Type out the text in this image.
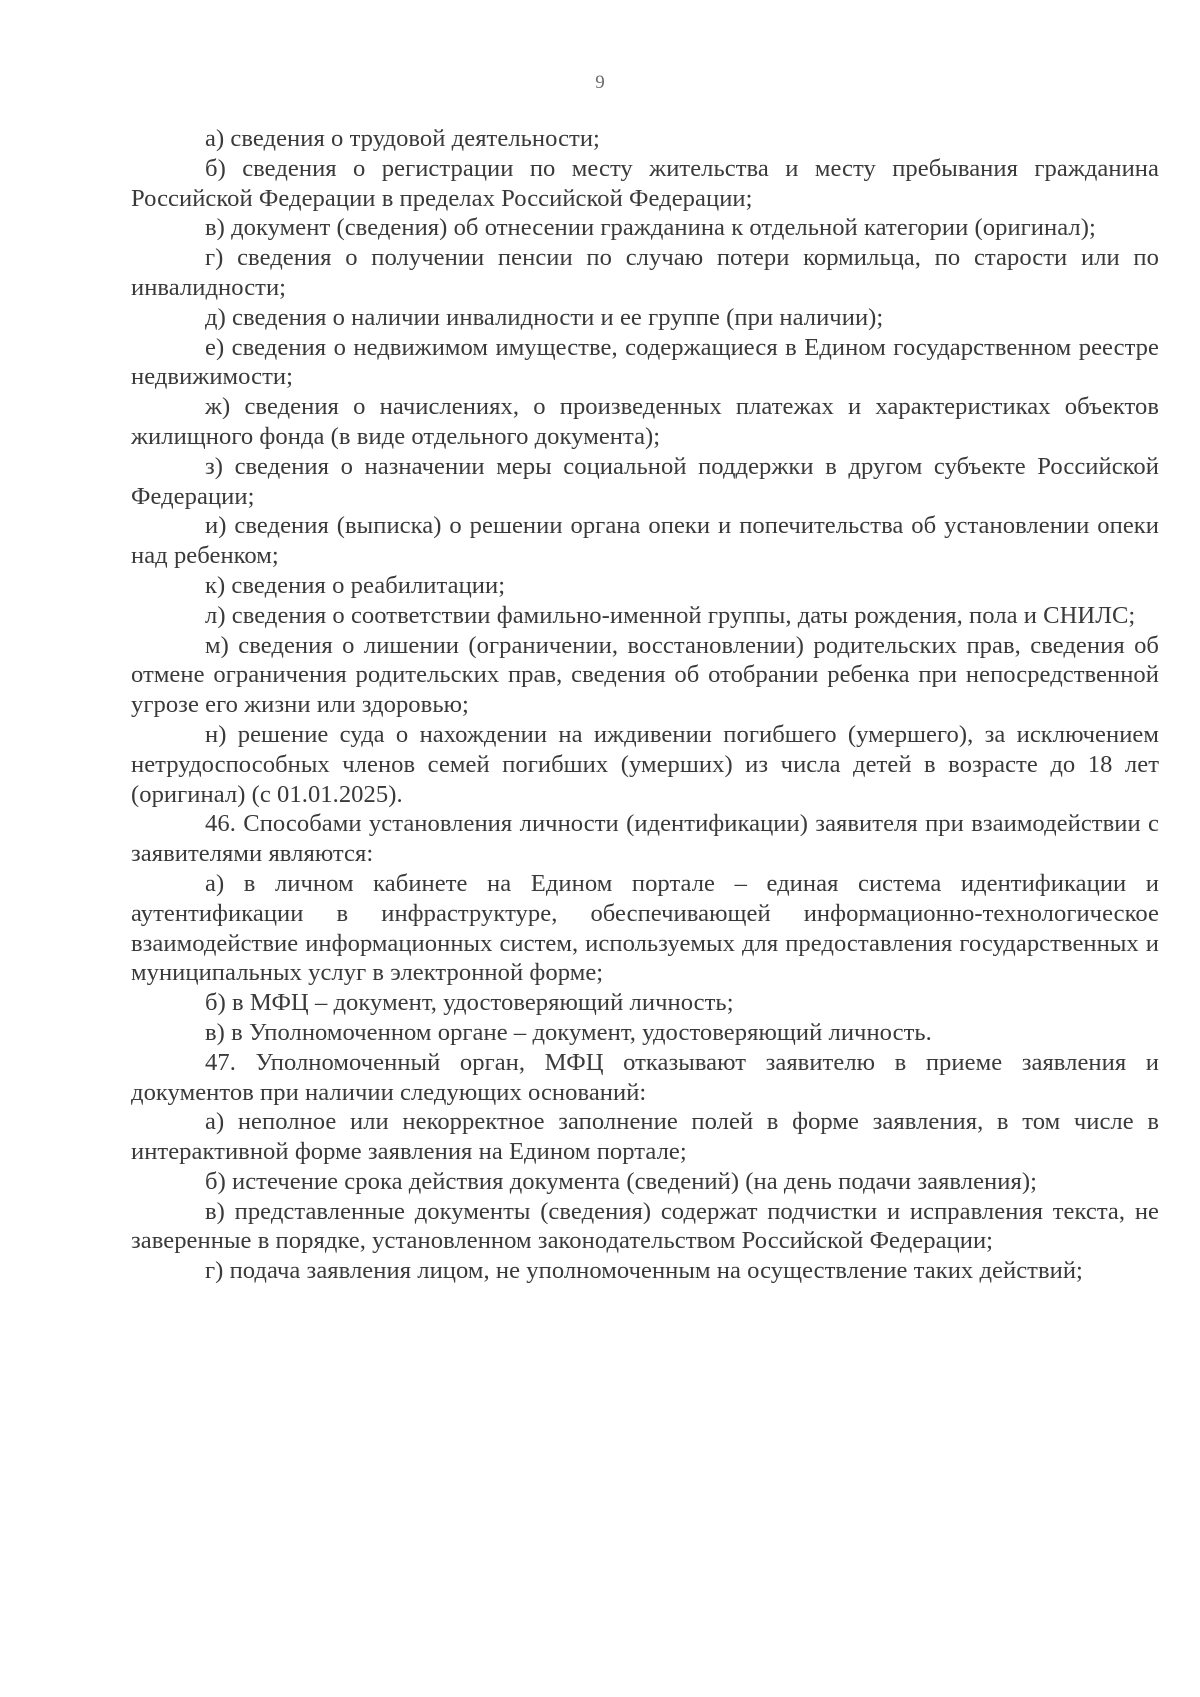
9

а) сведения о трудовой деятельности;

б) сведения о регистрации по месту жительства и месту пребывания гражданина Российской Федерации в пределах Российской Федерации;

в) документ (сведения) об отнесении гражданина к отдельной категории (оригинал);

г) сведения о получении пенсии по случаю потери кормильца, по старости или по инвалидности;

д) сведения о наличии инвалидности и ее группе (при наличии);

е) сведения о недвижимом имуществе, содержащиеся в Едином государственном реестре недвижимости;

ж) сведения о начислениях, о произведенных платежах и характеристиках объектов жилищного фонда (в виде отдельного документа);

з) сведения о назначении меры социальной поддержки в другом субъекте Российской Федерации;

и) сведения (выписка) о решении органа опеки и попечительства об установлении опеки над ребенком;

к) сведения о реабилитации;

л) сведения о соответствии фамильно-именной группы, даты рождения, пола и СНИЛС;

м) сведения о лишении (ограничении, восстановлении) родительских прав, сведения об отмене ограничения родительских прав, сведения об отобрании ребенка при непосредственной угрозе его жизни или здоровью;

н) решение суда о нахождении на иждивении погибшего (умершего), за исключением нетрудоспособных членов семей погибших (умерших) из числа детей в возрасте до 18 лет (оригинал) (с 01.01.2025).

46. Способами установления личности (идентификации) заявителя при взаимодействии с заявителями являются:

а) в личном кабинете на Едином портале – единая система идентификации и аутентификации в инфраструктуре, обеспечивающей информационно-технологическое взаимодействие информационных систем, используемых для предоставления государственных и муниципальных услуг в электронной форме;

б) в МФЦ – документ, удостоверяющий личность;

в) в Уполномоченном органе – документ, удостоверяющий личность.

47. Уполномоченный орган, МФЦ отказывают заявителю в приеме заявления и документов при наличии следующих оснований:

а) неполное или некорректное заполнение полей в форме заявления, в том числе в интерактивной форме заявления на Едином портале;

б) истечение срока действия документа (сведений) (на день подачи заявления);

в) представленные документы (сведения) содержат подчистки и исправления текста, не заверенные в порядке, установленном законодательством Российской Федерации;

г) подача заявления лицом, не уполномоченным на осуществление таких действий;
